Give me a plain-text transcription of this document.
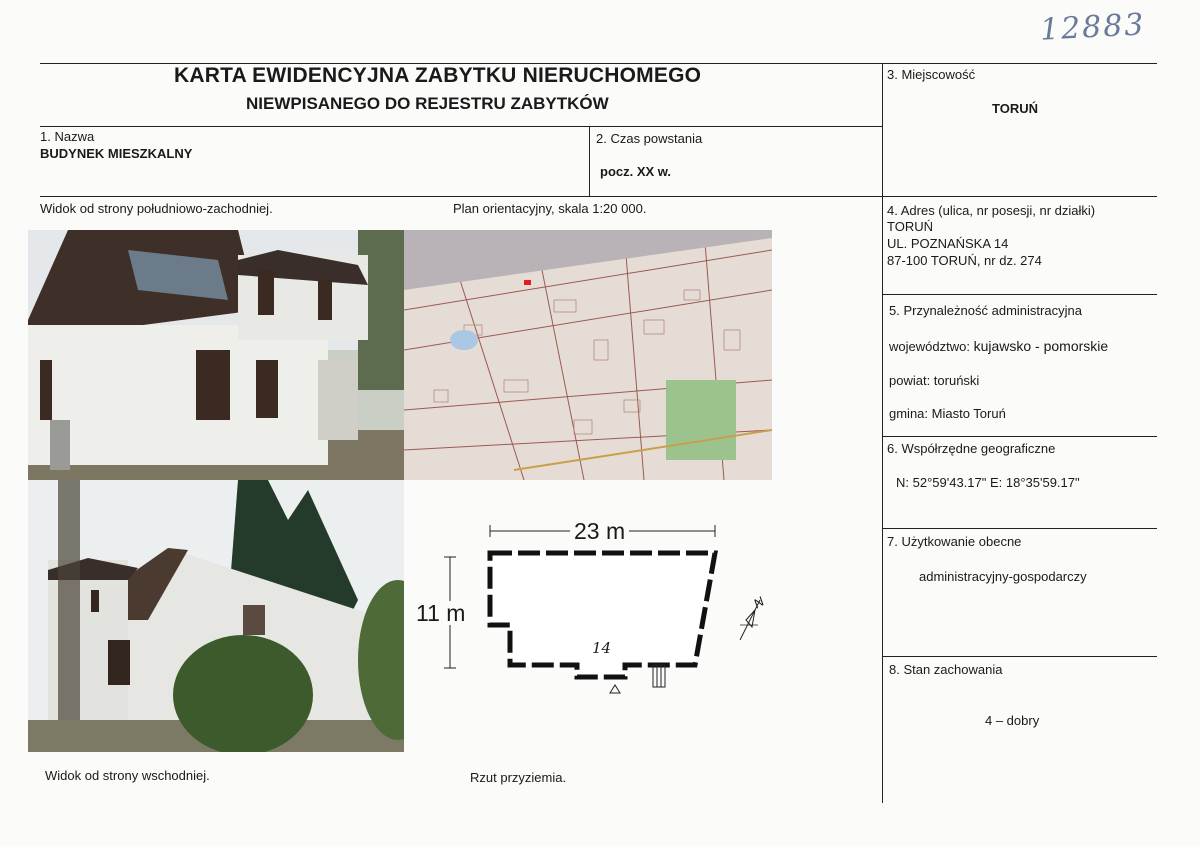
12883
KARTA EWIDENCYJNA ZABYTKU NIERUCHOMEGO
NIEWPISANEGO DO REJESTRU ZABYTKÓW
1. Nazwa
BUDYNEK MIESZKALNY
2. Czas powstania
pocz. XX w.
3. Miejscowość
TORUŃ
4. Adres (ulica, nr posesji, nr działki)
TORUŃ
UL. POZNAŃSKA 14
87-100 TORUŃ, nr dz. 274
5. Przynależność administracyjna
województwo: kujawsko - pomorskie
powiat: toruński
gmina: Miasto Toruń
6. Współrzędne geograficzne
N: 52°59'43.17" E: 18°35'59.17"
7. Użytkowanie obecne
administracyjny-gospodarczy
8. Stan zachowania
4 – dobry
Widok od strony południowo-zachodniej.	Plan orientacyjny, skala 1:20 000.
Widok od strony wschodniej.	Rzut przyziemia.
23 m
11 m
14
N
